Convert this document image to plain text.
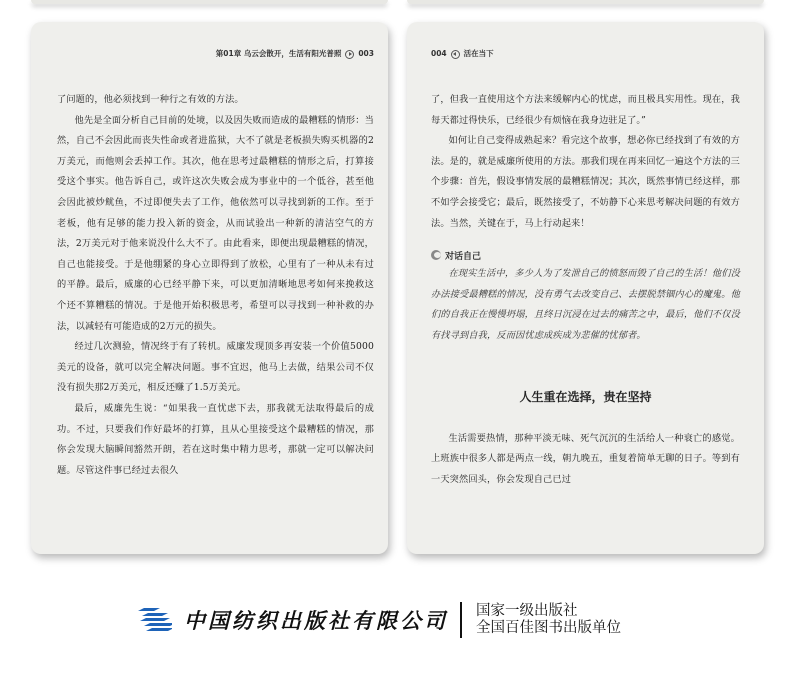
第01章 乌云会散开，生活有阳光普照 003

了问题的，他必须找到一种行之有效的方法。

他先是全面分析自己目前的处境，以及因失败而造成的最糟糕的情形：当然，自己不会因此而丧失性命或者进监狱，大不了就是老板损失购买机器的2万美元，而他则会丢掉工作。其次，他在思考过最糟糕的情形之后，打算接受这个事实。他告诉自己，或许这次失败会成为事业中的一个低谷，甚至他会因此被炒鱿鱼，不过即便失去了工作，他依然可以寻找到新的工作。至于老板，他有足够的能力投入新的资金，从而试验出一种新的清洁空气的方法，2万美元对于他来说没什么大不了。由此看来，即便出现最糟糕的情况，自己也能接受。于是他绷紧的身心立即得到了放松，心里有了一种从未有过的平静。最后，威廉的心已经平静下来，可以更加清晰地思考如何来挽救这个还不算糟糕的情况。于是他开始积极思考，希望可以寻找到一种补救的办法，以减轻有可能造成的2万元的损失。

经过几次测验，情况终于有了转机。威廉发现顶多再安装一个价值5000美元的设备，就可以完全解决问题。事不宜迟，他马上去做，结果公司不仅没有损失那2万美元，相反还赚了1.5万美元。

最后，威廉先生说：“如果我一直忧虑下去，那我就无法取得最后的成功。不过，只要我们作好最坏的打算，且从心里接受这个最糟糕的情况，那你会发现大脑瞬间豁然开朗，若在这时集中精力思考，那就一定可以解决问题。尽管这件事已经过去很久

004 活在当下

了，但我一直使用这个方法来缓解内心的忧虑，而且极具实用性。现在，我每天都过得快乐，已经很少有烦恼在我身边驻足了。”

如何让自己变得成熟起来？看完这个故事，想必你已经找到了有效的方法。是的，就是威廉所使用的方法。那我们现在再来回忆一遍这个方法的三个步骤：首先，假设事情发展的最糟糕情况；其次，既然事情已经这样，那不如学会接受它；最后，既然接受了，不妨静下心来思考解决问题的有效方法。当然，关键在于，马上行动起来！

对话自己

在现实生活中，多少人为了发泄自己的愤怒而毁了自己的生活！他们没办法接受最糟糕的情况，没有勇气去改变自己、去摆脱禁锢内心的魔鬼。他们的自我正在慢慢坍塌，且终日沉浸在过去的痛苦之中，最后，他们不仅没有找寻到自我，反而因忧虑成疾成为悲催的忧郁者。

人生重在选择，贵在坚持

生活需要热情，那种平淡无味、死气沉沉的生活给人一种衰亡的感觉。上班族中很多人都是两点一线，朝九晚五，重复着简单无聊的日子。等到有一天突然回头，你会发现自己已过

中国纺织出版社有限公司 国家一级出版社
全国百佳图书出版单位
